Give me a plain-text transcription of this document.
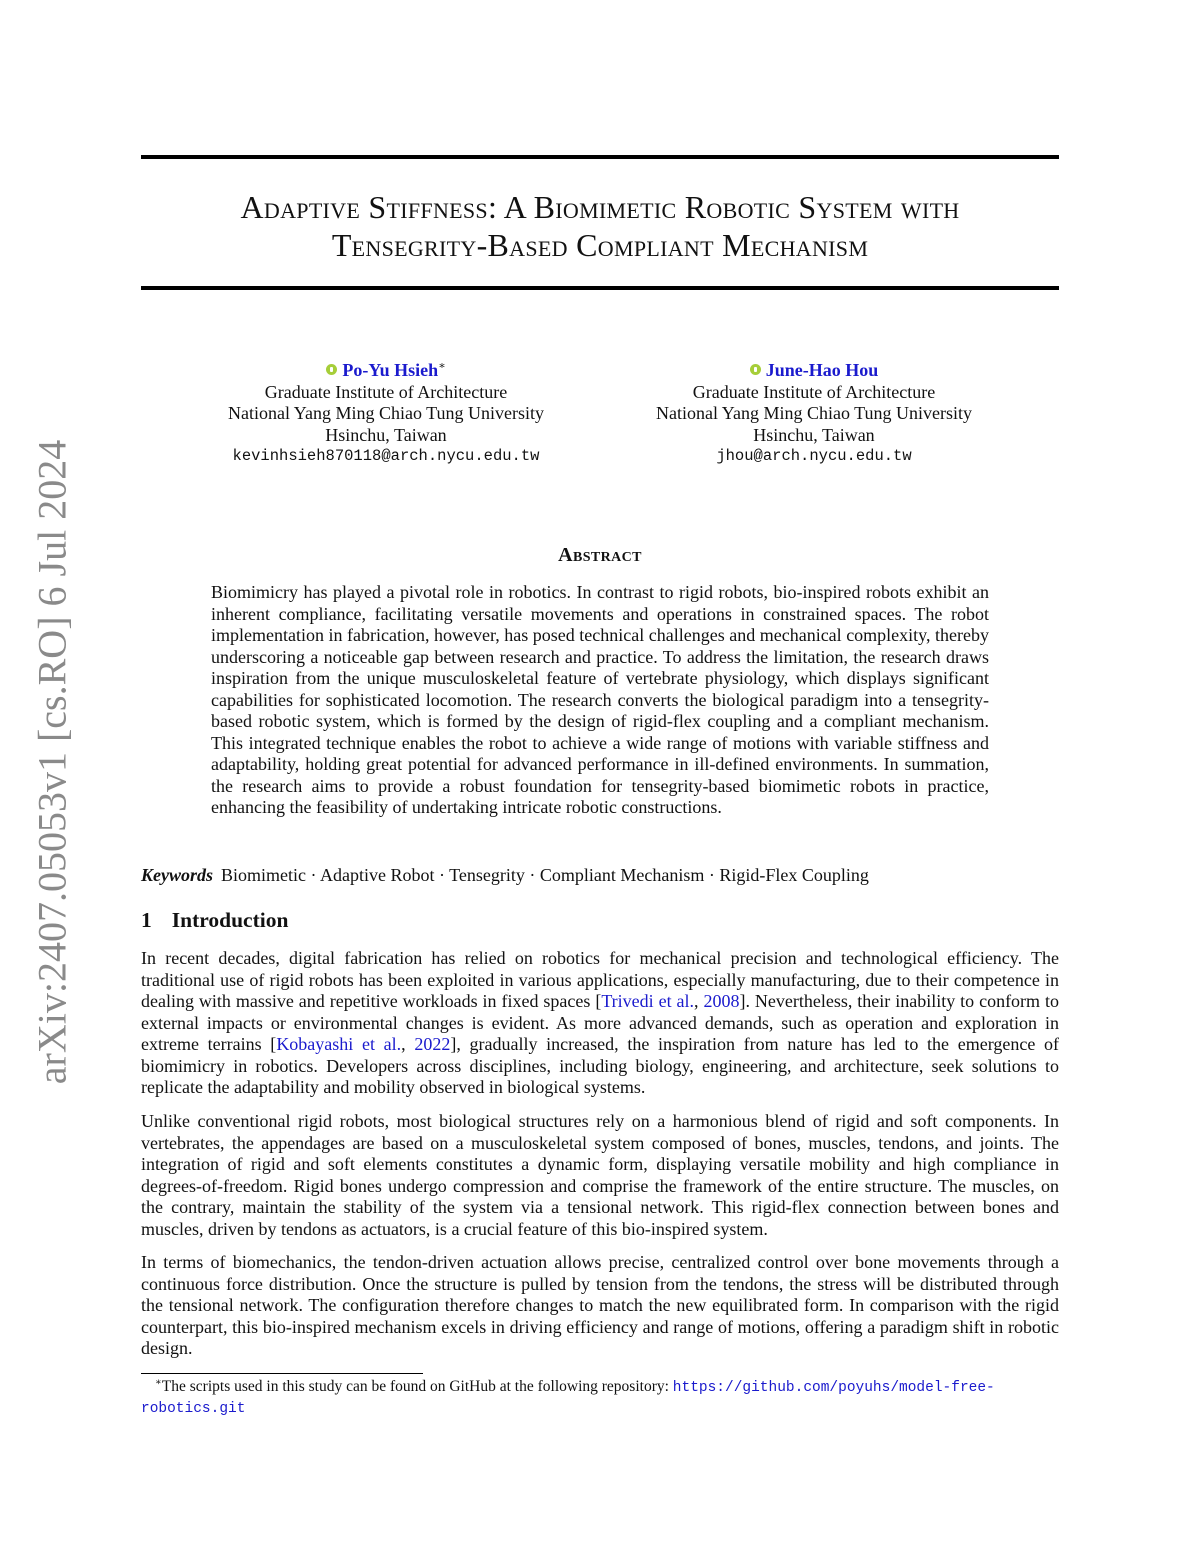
arXiv:2407.05053v1 [cs.RO] 6 Jul 2024
Adaptive Stiffness: A Biomimetic Robotic System with
Tensegrity-Based Compliant Mechanism
Po-Yu Hsieh∗
Graduate Institute of Architecture
National Yang Ming Chiao Tung University
Hsinchu, Taiwan
kevinhsieh870118@arch.nycu.edu.tw
June-Hao Hou
Graduate Institute of Architecture
National Yang Ming Chiao Tung University
Hsinchu, Taiwan
jhou@arch.nycu.edu.tw
Abstract

Biomimicry has played a pivotal role in robotics. In contrast to rigid robots, bio-inspired robots exhibit an inherent compliance, facilitating versatile movements and operations in constrained spaces. The robot implementation in fabrication, however, has posed technical challenges and mechanical complexity, thereby underscoring a noticeable gap between research and practice. To address the limitation, the research draws inspiration from the unique musculoskeletal feature of vertebrate physiology, which displays significant capabilities for sophisticated locomotion. The research converts the biological paradigm into a tensegrity-based robotic system, which is formed by the design of rigid-flex coupling and a compliant mechanism. This integrated technique enables the robot to achieve a wide range of motions with variable stiffness and adaptability, holding great potential for advanced performance in ill-defined environments. In summation, the research aims to provide a robust foundation for tensegrity-based biomimetic robots in practice, enhancing the feasibility of undertaking intricate robotic constructions.

Keywords Biomimetic · Adaptive Robot · Tensegrity · Compliant Mechanism · Rigid-Flex Coupling

1 Introduction

In recent decades, digital fabrication has relied on robotics for mechanical precision and technological efficiency. The traditional use of rigid robots has been exploited in various applications, especially manufacturing, due to their competence in dealing with massive and repetitive workloads in fixed spaces [Trivedi et al., 2008]. Nevertheless, their inability to conform to external impacts or environmental changes is evident. As more advanced demands, such as operation and exploration in extreme terrains [Kobayashi et al., 2022], gradually increased, the inspiration from nature has led to the emergence of biomimicry in robotics. Developers across disciplines, including biology, engineering, and architecture, seek solutions to replicate the adaptability and mobility observed in biological systems.

Unlike conventional rigid robots, most biological structures rely on a harmonious blend of rigid and soft components. In vertebrates, the appendages are based on a musculoskeletal system composed of bones, muscles, tendons, and joints. The integration of rigid and soft elements constitutes a dynamic form, displaying versatile mobility and high compliance in degrees-of-freedom. Rigid bones undergo compression and comprise the framework of the entire structure. The muscles, on the contrary, maintain the stability of the system via a tensional network. This rigid-flex connection between bones and muscles, driven by tendons as actuators, is a crucial feature of this bio-inspired system.

In terms of biomechanics, the tendon-driven actuation allows precise, centralized control over bone movements through a continuous force distribution. Once the structure is pulled by tension from the tendons, the stress will be distributed through the tensional network. The configuration therefore changes to match the new equilibrated form. In comparison with the rigid counterpart, this bio-inspired mechanism excels in driving efficiency and range of motions, offering a paradigm shift in robotic design.

∗The scripts used in this study can be found on GitHub at the following repository: https://github.com/poyuhs/model-free-robotics.git
